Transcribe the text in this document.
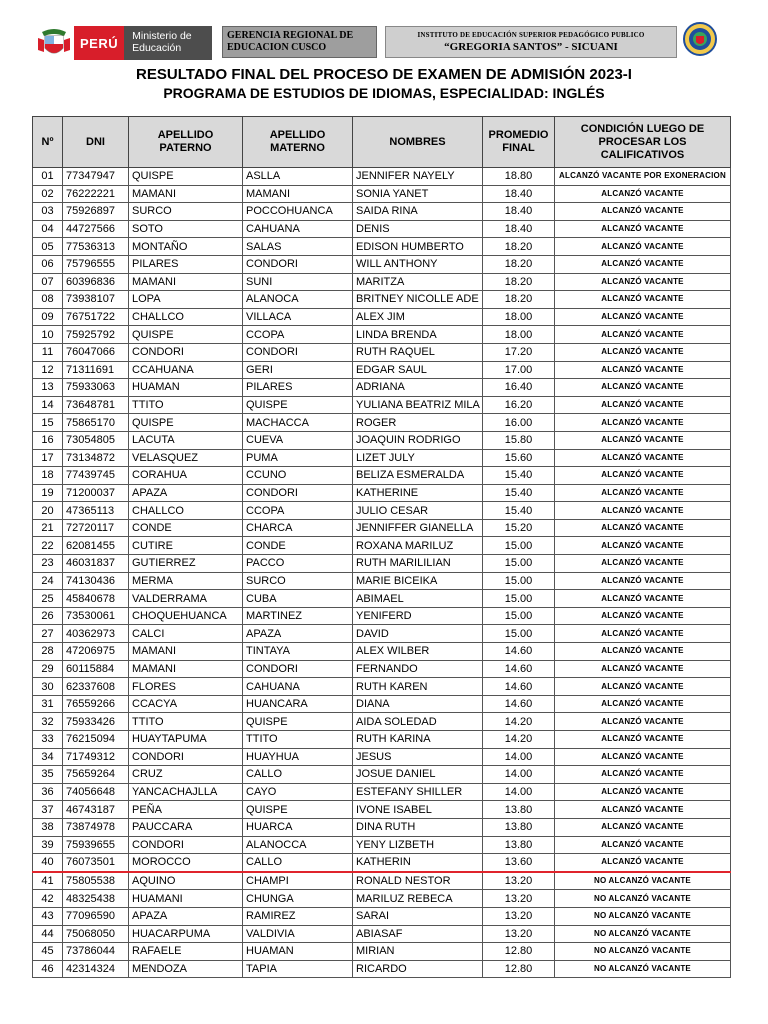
PERÚ	Ministerio de Educación
GERENCIA REGIONAL DE EDUCACION CUSCO
INSTITUTO DE EDUCACIÓN SUPERIOR PEDAGÓGICO PUBLICO
“GREGORIA SANTOS” - SICUANI
RESULTADO FINAL DEL PROCESO DE EXAMEN DE ADMISIÓN 2023-I
PROGRAMA DE ESTUDIOS DE IDIOMAS, ESPECIALIDAD: INGLÉS
Nº	DNI	APELLIDO PATERNO	APELLIDO MATERNO	NOMBRES	PROMEDIO FINAL	CONDICIÓN LUEGO DE PROCESAR LOS CALIFICATIVOS
01	77347947	QUISPE	ASLLA	JENNIFER NAYELY	18.80	ALCANZÓ VACANTE POR EXONERACION
02	76222221	MAMANI	MAMANI	SONIA YANET	18.40	ALCANZÓ VACANTE
03	75926897	SURCO	POCCOHUANCA	SAIDA RINA	18.40	ALCANZÓ VACANTE
04	44727566	SOTO	CAHUANA	DENIS	18.40	ALCANZÓ VACANTE
05	77536313	MONTAÑO	SALAS	EDISON HUMBERTO	18.20	ALCANZÓ VACANTE
06	75796555	PILARES	CONDORI	WILL ANTHONY	18.20	ALCANZÓ VACANTE
07	60396836	MAMANI	SUNI	MARITZA	18.20	ALCANZÓ VACANTE
08	73938107	LOPA	ALANOCA	BRITNEY NICOLLE ADE	18.20	ALCANZÓ VACANTE
09	76751722	CHALLCO	VILLACA	ALEX JIM	18.00	ALCANZÓ VACANTE
10	75925792	QUISPE	CCOPA	LINDA BRENDA	18.00	ALCANZÓ VACANTE
11	76047066	CONDORI	CONDORI	RUTH RAQUEL	17.20	ALCANZÓ VACANTE
12	71311691	CCAHUANA	GERI	EDGAR SAUL	17.00	ALCANZÓ VACANTE
13	75933063	HUAMAN	PILARES	ADRIANA	16.40	ALCANZÓ VACANTE
14	73648781	TTITO	QUISPE	YULIANA BEATRIZ MILA	16.20	ALCANZÓ VACANTE
15	75865170	QUISPE	MACHACCA	ROGER	16.00	ALCANZÓ VACANTE
16	73054805	LACUTA	CUEVA	JOAQUIN RODRIGO	15.80	ALCANZÓ VACANTE
17	73134872	VELASQUEZ	PUMA	LIZET JULY	15.60	ALCANZÓ VACANTE
18	77439745	CORAHUA	CCUNO	BELIZA ESMERALDA	15.40	ALCANZÓ VACANTE
19	71200037	APAZA	CONDORI	KATHERINE	15.40	ALCANZÓ VACANTE
20	47365113	CHALLCO	CCOPA	JULIO CESAR	15.40	ALCANZÓ VACANTE
21	72720117	CONDE	CHARCA	JENNIFFER GIANELLA	15.20	ALCANZÓ VACANTE
22	62081455	CUTIRE	CONDE	ROXANA MARILUZ	15.00	ALCANZÓ VACANTE
23	46031837	GUTIERREZ	PACCO	RUTH MARILILIAN	15.00	ALCANZÓ VACANTE
24	74130436	MERMA	SURCO	MARIE BICEIKA	15.00	ALCANZÓ VACANTE
25	45840678	VALDERRAMA	CUBA	ABIMAEL	15.00	ALCANZÓ VACANTE
26	73530061	CHOQUEHUANCA	MARTINEZ	YENIFERD	15.00	ALCANZÓ VACANTE
27	40362973	CALCI	APAZA	DAVID	15.00	ALCANZÓ VACANTE
28	47206975	MAMANI	TINTAYA	ALEX WILBER	14.60	ALCANZÓ VACANTE
29	60115884	MAMANI	CONDORI	FERNANDO	14.60	ALCANZÓ VACANTE
30	62337608	FLORES	CAHUANA	RUTH KAREN	14.60	ALCANZÓ VACANTE
31	76559266	CCACYA	HUANCARA	DIANA	14.60	ALCANZÓ VACANTE
32	75933426	TTITO	QUISPE	AIDA SOLEDAD	14.20	ALCANZÓ VACANTE
33	76215094	HUAYTAPUMA	TTITO	RUTH KARINA	14.20	ALCANZÓ VACANTE
34	71749312	CONDORI	HUAYHUA	JESUS	14.00	ALCANZÓ VACANTE
35	75659264	CRUZ	CALLO	JOSUE DANIEL	14.00	ALCANZÓ VACANTE
36	74056648	YANCACHAJLLA	CAYO	ESTEFANY SHILLER	14.00	ALCANZÓ VACANTE
37	46743187	PEÑA	QUISPE	IVONE ISABEL	13.80	ALCANZÓ VACANTE
38	73874978	PAUCCARA	HUARCA	DINA RUTH	13.80	ALCANZÓ VACANTE
39	75939655	CONDORI	ALANOCCA	YENY LIZBETH	13.80	ALCANZÓ VACANTE
40	76073501	MOROCCO	CALLO	KATHERIN	13.60	ALCANZÓ VACANTE
41	75805538	AQUINO	CHAMPI	RONALD NESTOR	13.20	NO ALCANZÓ VACANTE
42	48325438	HUAMANI	CHUNGA	MARILUZ REBECA	13.20	NO ALCANZÓ VACANTE
43	77096590	APAZA	RAMIREZ	SARAI	13.20	NO ALCANZÓ VACANTE
44	75068050	HUACARPUMA	VALDIVIA	ABIASAF	13.20	NO ALCANZÓ VACANTE
45	73786044	RAFAELE	HUAMAN	MIRIAN	12.80	NO ALCANZÓ VACANTE
46	42314324	MENDOZA	TAPIA	RICARDO	12.80	NO ALCANZÓ VACANTE
